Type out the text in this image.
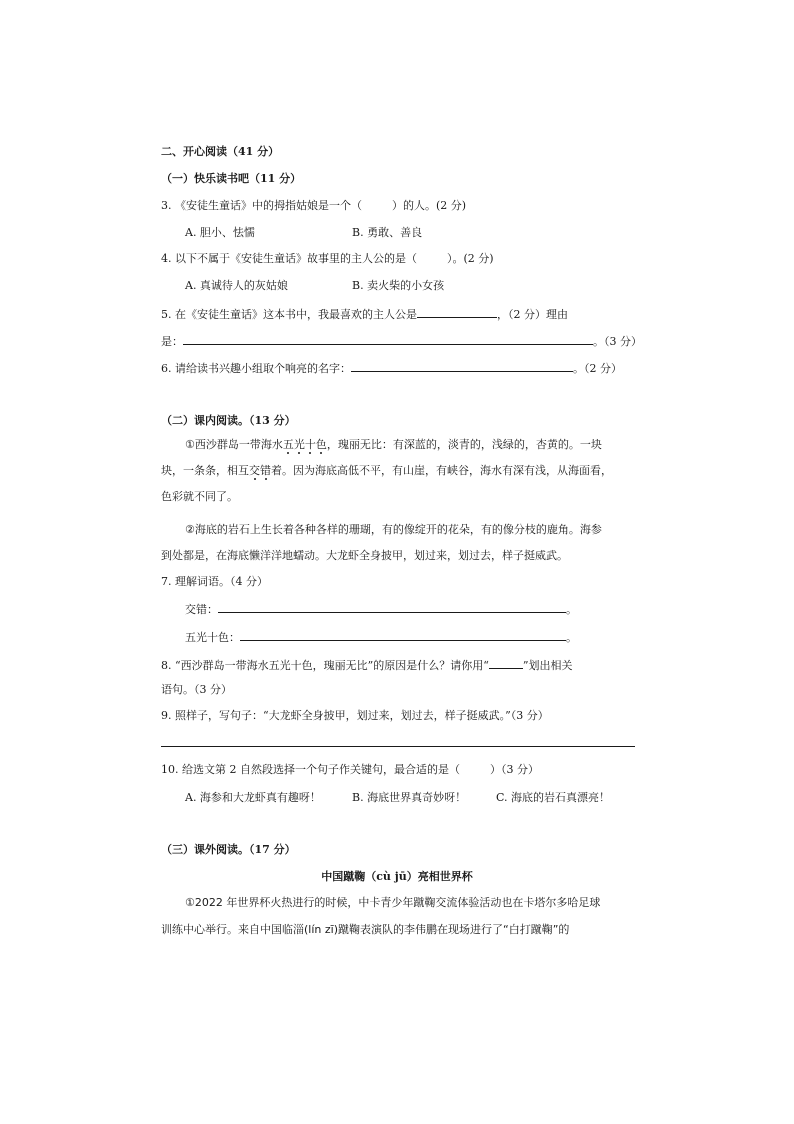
二、开心阅读（41 分）
（一）快乐读书吧（11 分）
3. 《安徒生童话》中的拇指姑娘是一个（	）的人。(2 分)
A. 胆小、怯懦	B. 勇敢、善良
4. 以下不属于《安徒生童话》故事里的主人公的是（	）。(2 分)
A. 真诚待人的灰姑娘	B. 卖火柴的小女孩
5. 在《安徒生童话》这本书中，我最喜欢的主人公是	，（2 分）理由
是：	。（3 分）
6. 请给读书兴趣小组取个响亮的名字：	。（2 分）
（二）课内阅读。（13 分）
①西沙群岛一带海水五光十色，瑰丽无比：有深蓝的，淡青的，浅绿的，杏黄的。一块
块，一条条，相互交错着。因为海底高低不平，有山崖，有峡谷，海水有深有浅，从海面看，
色彩就不同了。
②海底的岩石上生长着各种各样的珊瑚，有的像绽开的花朵，有的像分枝的鹿角。海参
到处都是，在海底懒洋洋地蠕动。大龙虾全身披甲，划过来，划过去，样子挺威武。
7. 理解词语。（4 分）
交错：	。
五光十色：	。
8. “西沙群岛一带海水五光十色，瑰丽无比”的原因是什么？请你用“	”划出相关
语句。（3 分）
9. 照样子，写句子：“大龙虾全身披甲，划过来，划过去，样子挺威武。”（3 分）
10. 给选文第 2 自然段选择一个句子作关键句，最合适的是（	）（3 分）
A. 海参和大龙虾真有趣呀！	B. 海底世界真奇妙呀！	C. 海底的岩石真漂亮！
（三）课外阅读。（17 分）
中国蹴鞠（cù jū）亮相世界杯
①2022 年世界杯火热进行的时候，中卡青少年蹴鞠交流体验活动也在卡塔尔多哈足球
训练中心举行。来自中国临淄(lín zī)蹴鞠表演队的李伟鹏在现场进行了“白打蹴鞠”的
